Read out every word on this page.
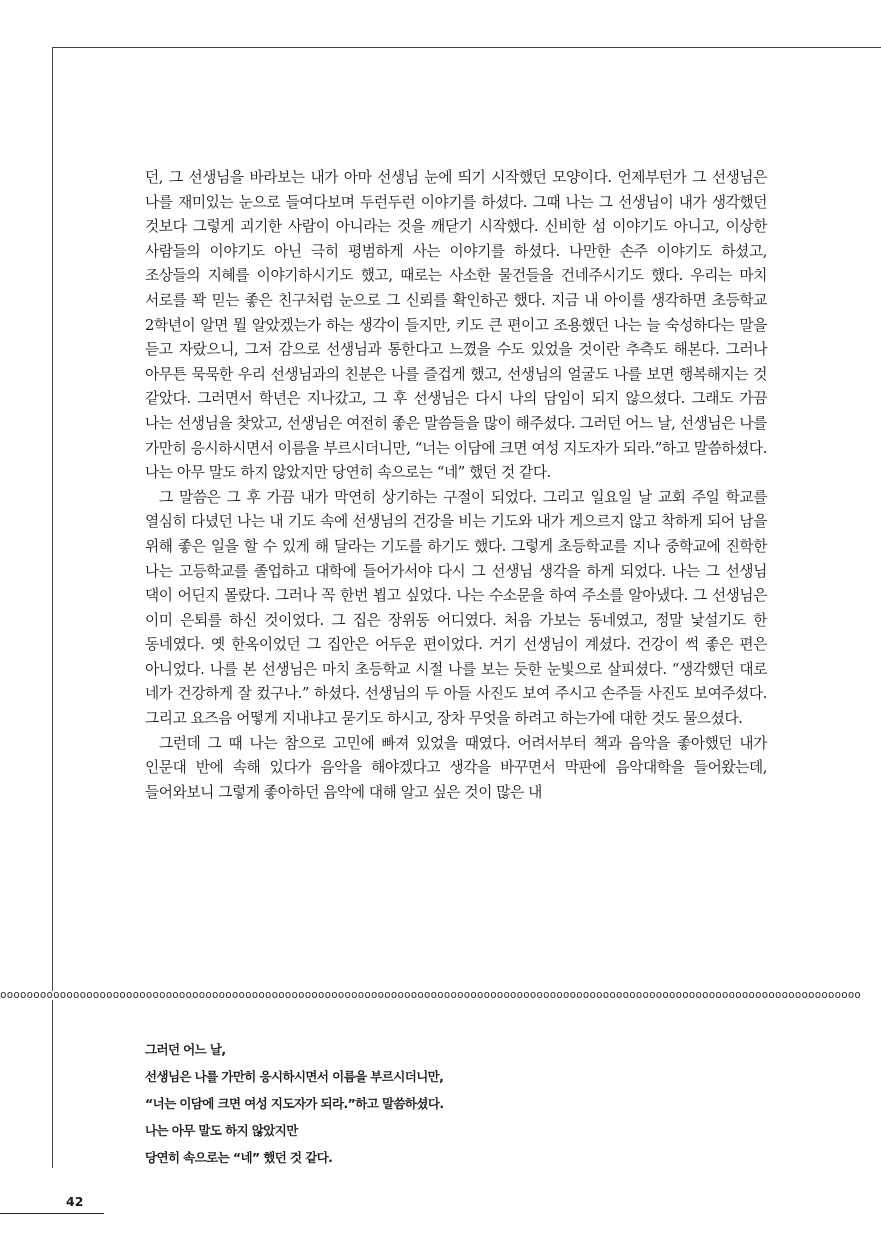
던, 그 선생님을 바라보는 내가 아마 선생님 눈에 띄기 시작했던 모양이다. 언제부턴가 그 선생님은 나를 재미있는 눈으로 들여다보며 두런두런 이야기를 하셨다. 그때 나는 그 선생님이 내가 생각했던 것보다 그렇게 괴기한 사람이 아니라는 것을 깨닫기 시작했다. 신비한 섬 이야기도 아니고, 이상한 사람들의 이야기도 아닌 극히 평범하게 사는 이야기를 하셨다. 나만한 손주 이야기도 하셨고, 조상들의 지혜를 이야기하시기도 했고, 때로는 사소한 물건들을 건네주시기도 했다. 우리는 마치 서로를 꽉 믿는 좋은 친구처럼 눈으로 그 신뢰를 확인하곤 했다. 지금 내 아이를 생각하면 초등학교 2학년이 알면 뭘 알았겠는가 하는 생각이 들지만, 키도 큰 편이고 조용했던 나는 늘 숙성하다는 말을 듣고 자랐으니, 그저 감으로 선생님과 통한다고 느꼈을 수도 있었을 것이란 추측도 해본다. 그러나 아무튼 묵묵한 우리 선생님과의 친분은 나를 즐겁게 했고, 선생님의 얼굴도 나를 보면 행복해지는 것 같았다. 그러면서 학년은 지나갔고, 그 후 선생님은 다시 나의 담임이 되지 않으셨다. 그래도 가끔 나는 선생님을 찾았고, 선생님은 여전히 좋은 말씀들을 많이 해주셨다. 그러던 어느 날, 선생님은 나를 가만히 응시하시면서 이름을 부르시더니만, “너는 이담에 크면 여성 지도자가 되라.”하고 말씀하셨다. 나는 아무 말도 하지 않았지만 당연히 속으로는 “네” 했던 것 같다.

그 말씀은 그 후 가끔 내가 막연히 상기하는 구절이 되었다. 그리고 일요일 날 교회 주일 학교를 열심히 다녔던 나는 내 기도 속에 선생님의 건강을 비는 기도와 내가 게으르지 않고 착하게 되어 남을 위해 좋은 일을 할 수 있게 해 달라는 기도를 하기도 했다. 그렇게 초등학교를 지나 중학교에 진학한 나는 고등학교를 졸업하고 대학에 들어가서야 다시 그 선생님 생각을 하게 되었다. 나는 그 선생님 댁이 어딘지 몰랐다. 그러나 꼭 한번 뵙고 싶었다. 나는 수소문을 하여 주소를 알아냈다. 그 선생님은 이미 은퇴를 하신 것이었다. 그 집은 장위동 어디였다. 처음 가보는 동네였고, 정말 낯설기도 한 동네였다. 옛 한옥이었던 그 집안은 어두운 편이었다. 거기 선생님이 계셨다. 건강이 썩 좋은 편은 아니었다. 나를 본 선생님은 마치 초등학교 시절 나를 보는 듯한 눈빛으로 살피셨다. “생각했던 대로 네가 건강하게 잘 컸구나.” 하셨다. 선생님의 두 아들 사진도 보여 주시고 손주들 사진도 보여주셨다. 그리고 요즈음 어떻게 지내냐고 묻기도 하시고, 장차 무엇을 하려고 하는가에 대한 것도 물으셨다.

그런데 그 때 나는 참으로 고민에 빠져 있었을 때였다. 어려서부터 책과 음악을 좋아했던 내가 인문대 반에 속해 있다가 음악을 해야겠다고 생각을 바꾸면서 막판에 음악대학을 들어왔는데, 들어와보니 그렇게 좋아하던 음악에 대해 알고 싶은 것이 많은 내

oooooooooooooooooooooooooooooooooooooooooooooooooooooooooooooooooooooooooooooooooooooooooooooooooooooooooooooooooooooooooooooooooo
그러던 어느 날,
선생님은 나를 가만히 응시하시면서 이름을 부르시더니만,
“너는 이담에 크면 여성 지도자가 되라.”하고 말씀하셨다.
나는 아무 말도 하지 않았지만
당연히 속으로는 “네” 했던 것 같다.
42
